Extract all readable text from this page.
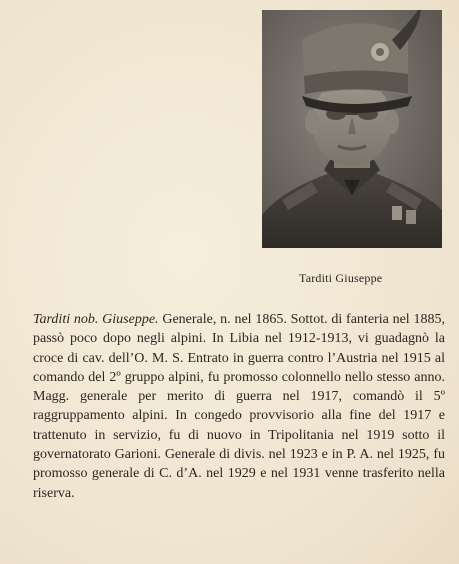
Tarditi Giuseppe

Tarditi nob. Giuseppe. Generale, n. nel 1865. Sottot. di fanteria nel 1885, passò poco dopo negli alpini. In Libia nel 1912-1913, vi guadagnò la croce di cav. dell’O. M. S. Entrato in guerra contro l’Austria nel 1915 al comando del 2º gruppo alpini, fu promosso colonnello nello stesso anno. Magg. generale per merito di guerra nel 1917, comandò il 5º raggruppamento alpini. In congedo provvisorio alla fine del 1917 e trattenuto in servizio, fu di nuovo in Tripolitania nel 1919 sotto il governatorato Garioni. Generale di divis. nel 1923 e in P. A. nel 1925, fu promosso generale di C. d’A. nel 1929 e nel 1931 venne trasferito nella riserva.
